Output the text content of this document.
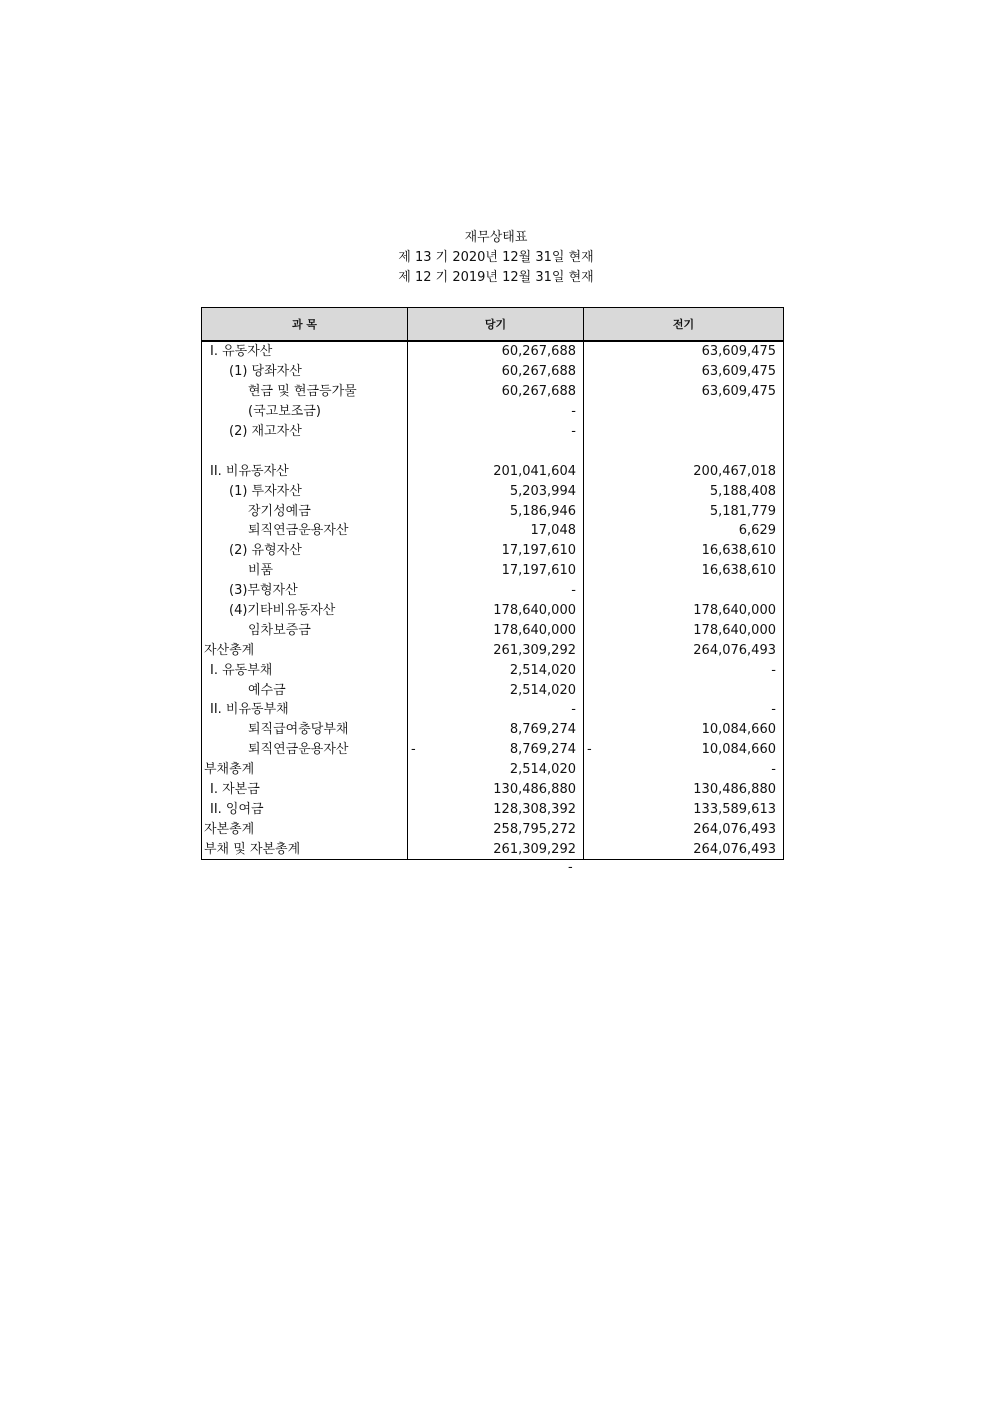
재무상태표
제 13 기 2020년 12월 31일 현재
제 12 기 2019년 12월 31일 현재
과 목	당기	전기
I. 유동자산	60,267,688	63,609,475
(1) 당좌자산	60,267,688	63,609,475
현금 및 현금등가물	60,267,688	63,609,475
(국고보조금)	-	
(2) 재고자산	-	

II. 비유동자산	201,041,604	200,467,018
(1) 투자자산	5,203,994	5,188,408
장기성예금	5,186,946	5,181,779
퇴직연금운용자산	17,048	6,629
(2) 유형자산	17,197,610	16,638,610
비품	17,197,610	16,638,610
(3)무형자산	-	
(4)기타비유동자산	178,640,000	178,640,000
임차보증금	178,640,000	178,640,000
자산총계	261,309,292	264,076,493
I. 유동부채	2,514,020	-
예수금	2,514,020	
II. 비유동부채	-	-
퇴직급여충당부채	8,769,274	10,084,660
퇴직연금운용자산	- 8,769,274	- 10,084,660
부채총계	2,514,020	-
I. 자본금	130,486,880	130,486,880
II. 잉여금	128,308,392	133,589,613
자본총계	258,795,272	264,076,493
부채 및 자본총계	261,309,292	264,076,493
-
